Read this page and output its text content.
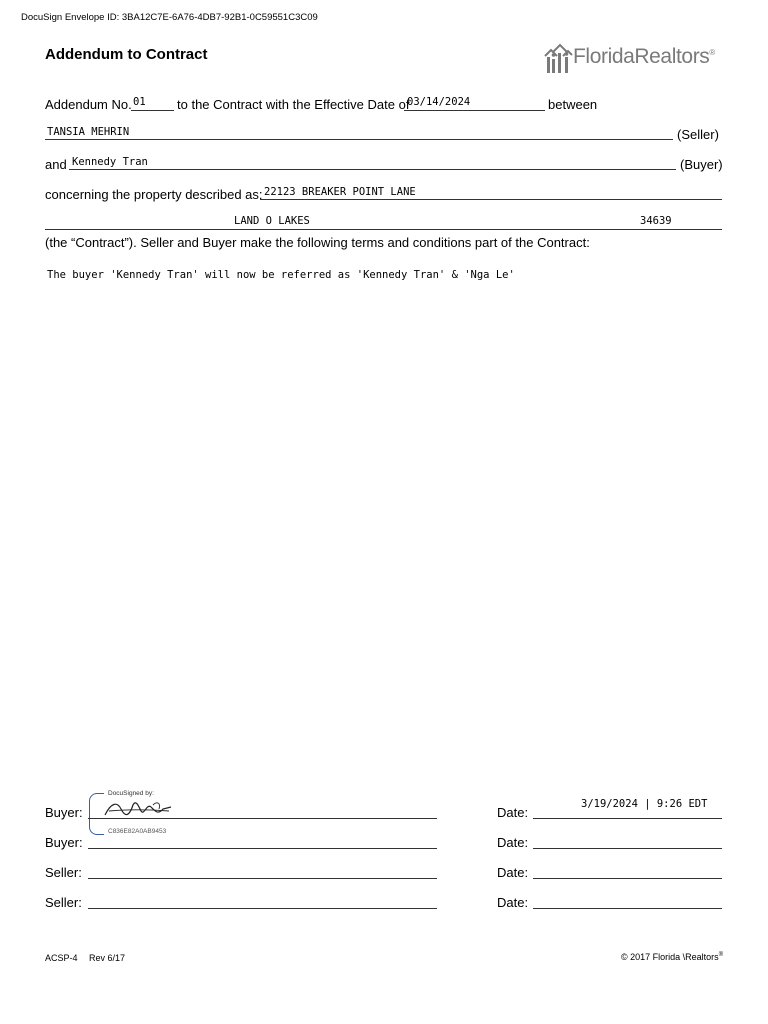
DocuSign Envelope ID: 3BA12C7E-6A76-4DB7-92B1-0C59551C3C09
Addendum to Contract	FloridaRealtors®
Addendum No. 01 to the Contract with the Effective Date of
03/14/2024	between
TANSIA MEHRIN	(Seller)
and Kennedy Tran	(Buyer)
concerning the property described as: 22123 BREAKER POINT LANE
LAND O LAKES	34639
(the “Contract”). Seller and Buyer make the following terms and conditions part of the Contract:
The buyer 'Kennedy Tran' will now be referred as 'Kennedy Tran' & 'Nga Le'
DocuSigned by:
C836E82A0AB9453
Buyer:	Date:
3/19/2024 | 9:26 EDT
Buyer:	Date:
Seller:	Date:
Seller:	Date:
ACSP-4 Rev 6/17	© 2017 Florida \Realtors®
